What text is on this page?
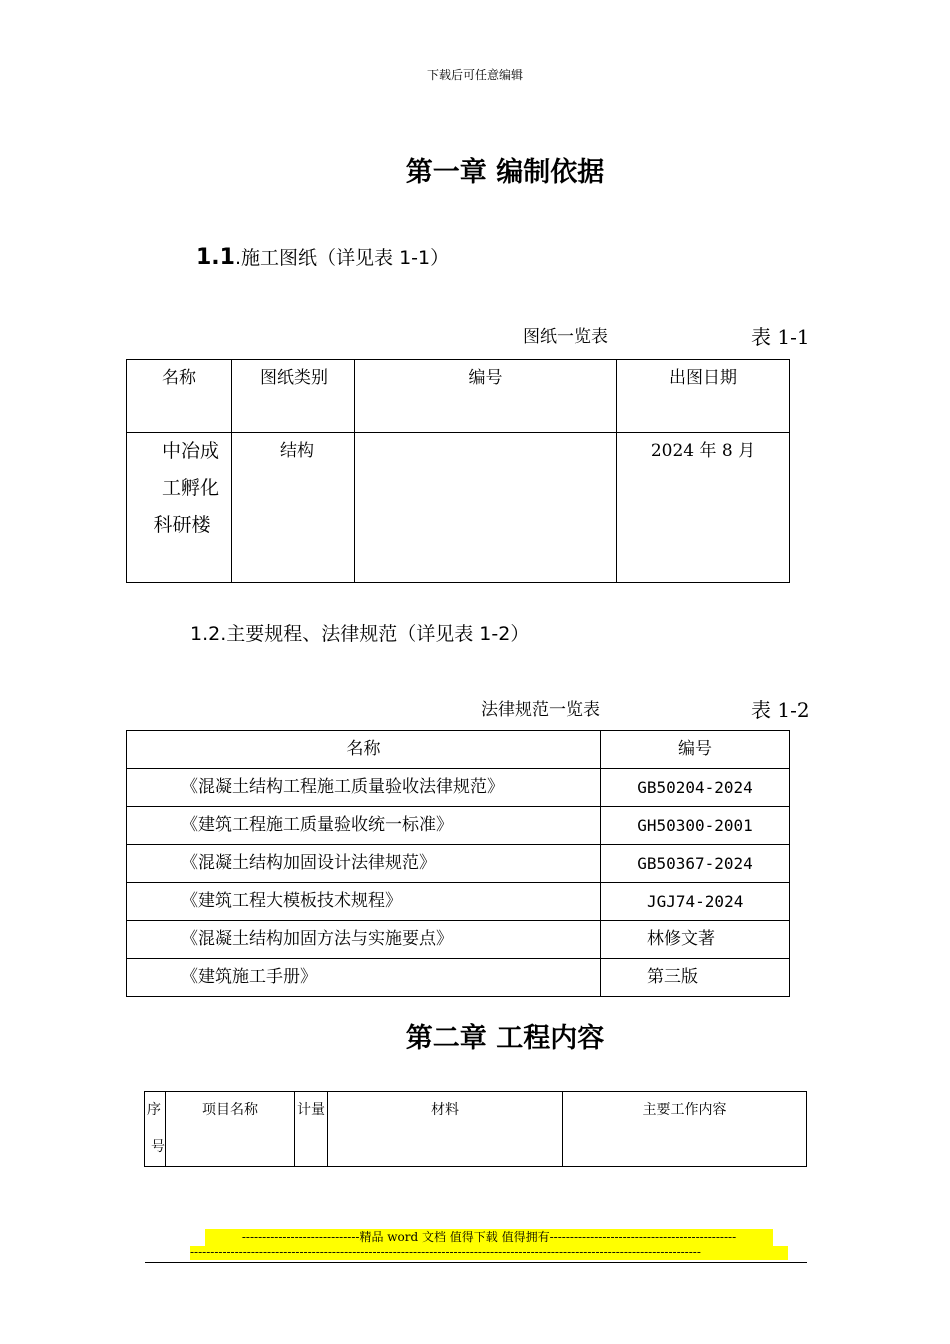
下载后可任意编辑
第一章 编制依据
1.1.施工图纸（详见表 1-1）
图纸一览表	表 1-1
名称	图纸类别	编号	出图日期
中冶成工孵化科研楼	结构		2024 年 8 月
1.2.主要规程、法律规范（详见表 1-2）
法律规范一览表	表 1-2
名称	编号
《混凝土结构工程施工质量验收法律规范》	GB50204-2024
《建筑工程施工质量验收统一标准》	GH50300-2001
《混凝土结构加固设计法律规范》	GB50367-2024
《建筑工程大模板技术规程》	JGJ74-2024
《混凝土结构加固方法与实施要点》	林修文著
《建筑施工手册》	第三版
第二章 工程内容
序号	项目名称	计量	材料	主要工作内容
-----------------------------精品 word 文档 值得下载 值得拥有----------------------------------------------
------------------------------------------------------------------------------------------------------------------------------
